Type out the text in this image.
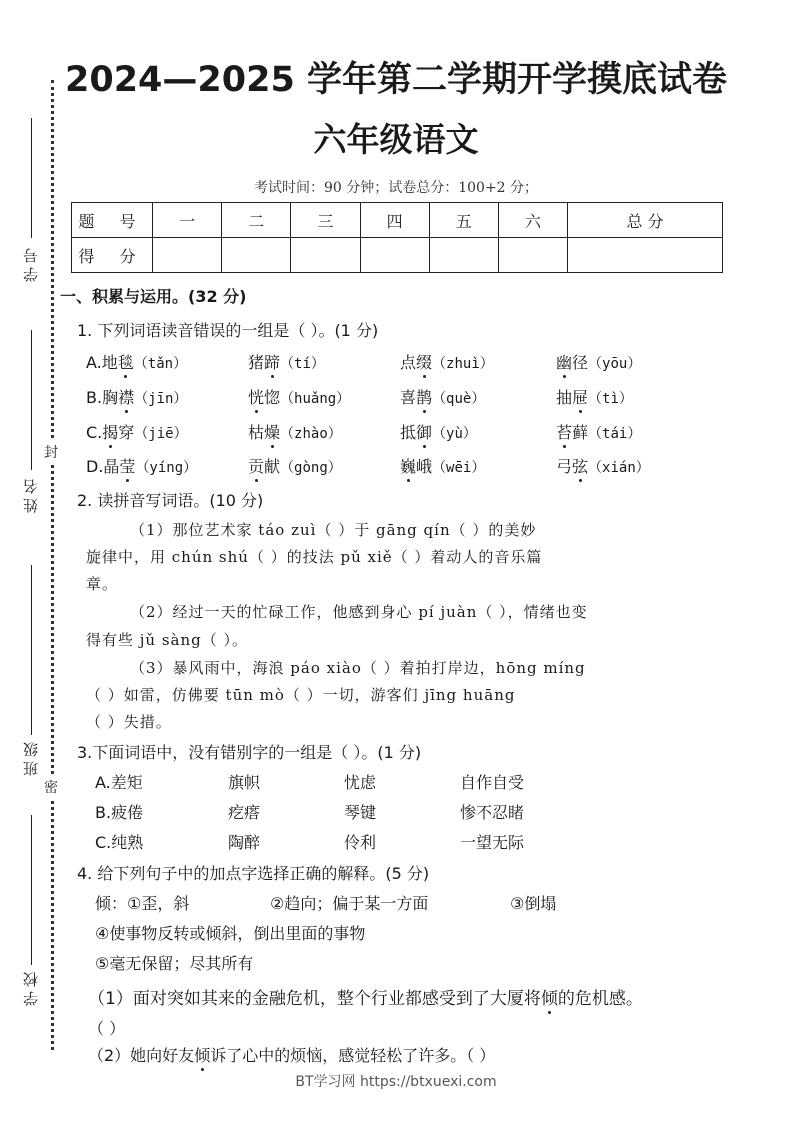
学号
姓名
封
班级
密
学校
2024—2025 学年第二学期开学摸底试卷
六年级语文
考试时间：90 分钟；试卷总分：100+2 分；
题 号	一	二	三	四	五	六	总 分
得 分							
一、积累与运用。(32 分)
1. 下列词语读音错误的一组是（ ）。(1 分)
A.地毯（tǎn）	猪蹄（tí）	点缀（zhuì）	幽径（yōu）
B.胸襟（jīn）	恍惚（huǎng）	喜鹊（què）	抽屉（tì）
C.揭穿（jiē）	枯燥（zhào）	抵御（yù）	苔藓（tái）
D.晶莹（yíng）	贡献（gòng）	巍峨（wēi）	弓弦（xián）
2. 读拼音写词语。(10 分)
（1）那位艺术家 táo zuì（ ）于 gāng qín（ ）的美妙
旋律中，用 chún shú（ ）的技法 pǔ xiě（ ）着动人的音乐篇
章。
（2）经过一天的忙碌工作，他感到身心 pí juàn（ ），情绪也变
得有些 jǔ sàng（ ）。
（3）暴风雨中，海浪 páo xiào（ ）着拍打岸边，hōng míng
（ ）如雷，仿佛要 tūn mò（ ）一切，游客们 jīng huāng
（ ）失措。
3.下面词语中，没有错别字的一组是（ ）。(1 分)
A.差矩	旗帜	忧虑	自作自受
B.疲倦	疙瘩	琴键	惨不忍睹
C.纯熟	陶醉	伶利	一望无际
4. 给下列句子中的加点字选择正确的解释。(5 分)
倾：①歪，斜	②趋向；偏于某一方面	③倒塌
④使事物反转或倾斜，倒出里面的事物
⑤毫无保留；尽其所有
（1）面对突如其来的金融危机，整个行业都感受到了大厦将倾的危机感。
（ ）
（2）她向好友倾诉了心中的烦恼，感觉轻松了许多。（ ）
BT学习网 https://btxuexi.com
